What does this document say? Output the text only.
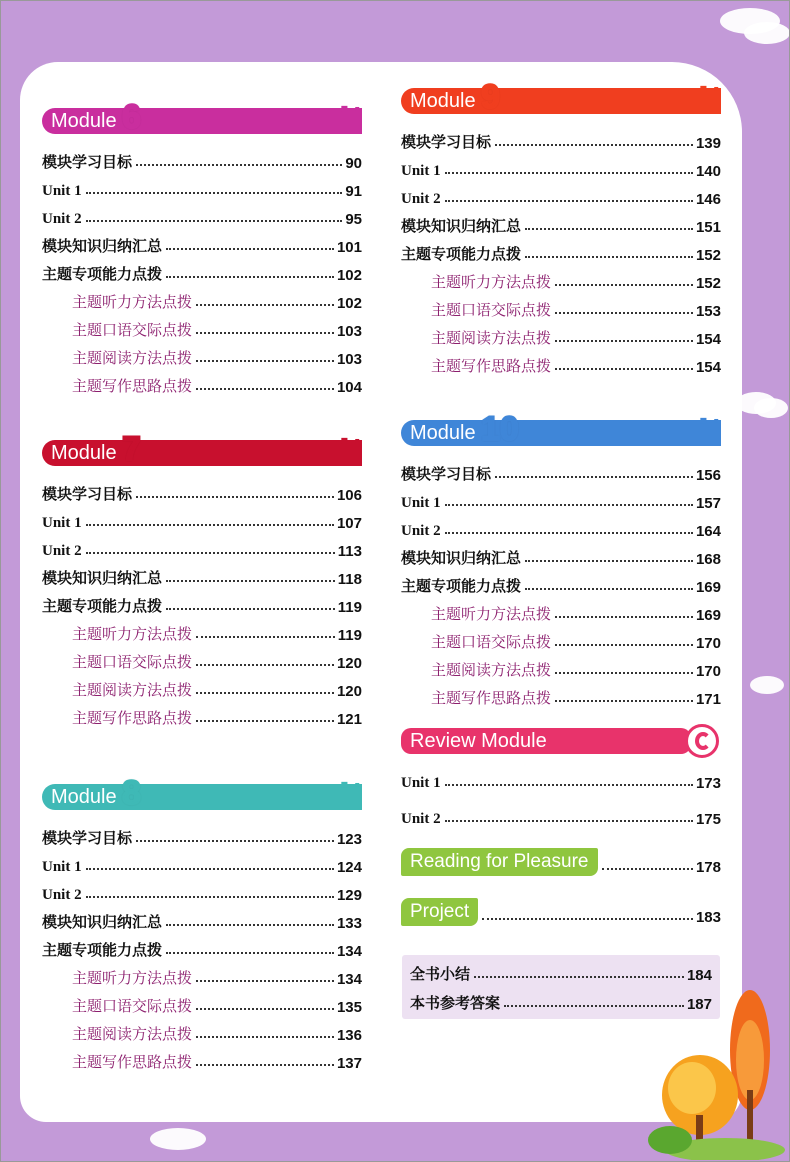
Module 6	■ ▪
模块学习目标	90
Unit 1	91
Unit 2	95
模块知识归纳汇总	101
主题专项能力点拨	102
主题听力方法点拨	102
主题口语交际点拨	103
主题阅读方法点拨	103
主题写作思路点拨	104
Module 7	■ ▪
模块学习目标	106
Unit 1	107
Unit 2	113
模块知识归纳汇总	118
主题专项能力点拨	119
主题听力方法点拨	119
主题口语交际点拨	120
主题阅读方法点拨	120
主题写作思路点拨	121
Module 8	■ ▪
模块学习目标	123
Unit 1	124
Unit 2	129
模块知识归纳汇总	133
主题专项能力点拨	134
主题听力方法点拨	134
主题口语交际点拨	135
主题阅读方法点拨	136
主题写作思路点拨	137
Module 9	■ ▪
模块学习目标	139
Unit 1	140
Unit 2	146
模块知识归纳汇总	151
主题专项能力点拨	152
主题听力方法点拨	152
主题口语交际点拨	153
主题阅读方法点拨	154
主题写作思路点拨	154
Module 10	■ ▪
模块学习目标	156
Unit 1	157
Unit 2	164
模块知识归纳汇总	168
主题专项能力点拨	169
主题听力方法点拨	169
主题口语交际点拨	170
主题阅读方法点拨	170
主题写作思路点拨	171
Review Module
Unit 1	173
Unit 2	175
Reading for Pleasure	178
Project	183
全书小结	184
本书参考答案	187
